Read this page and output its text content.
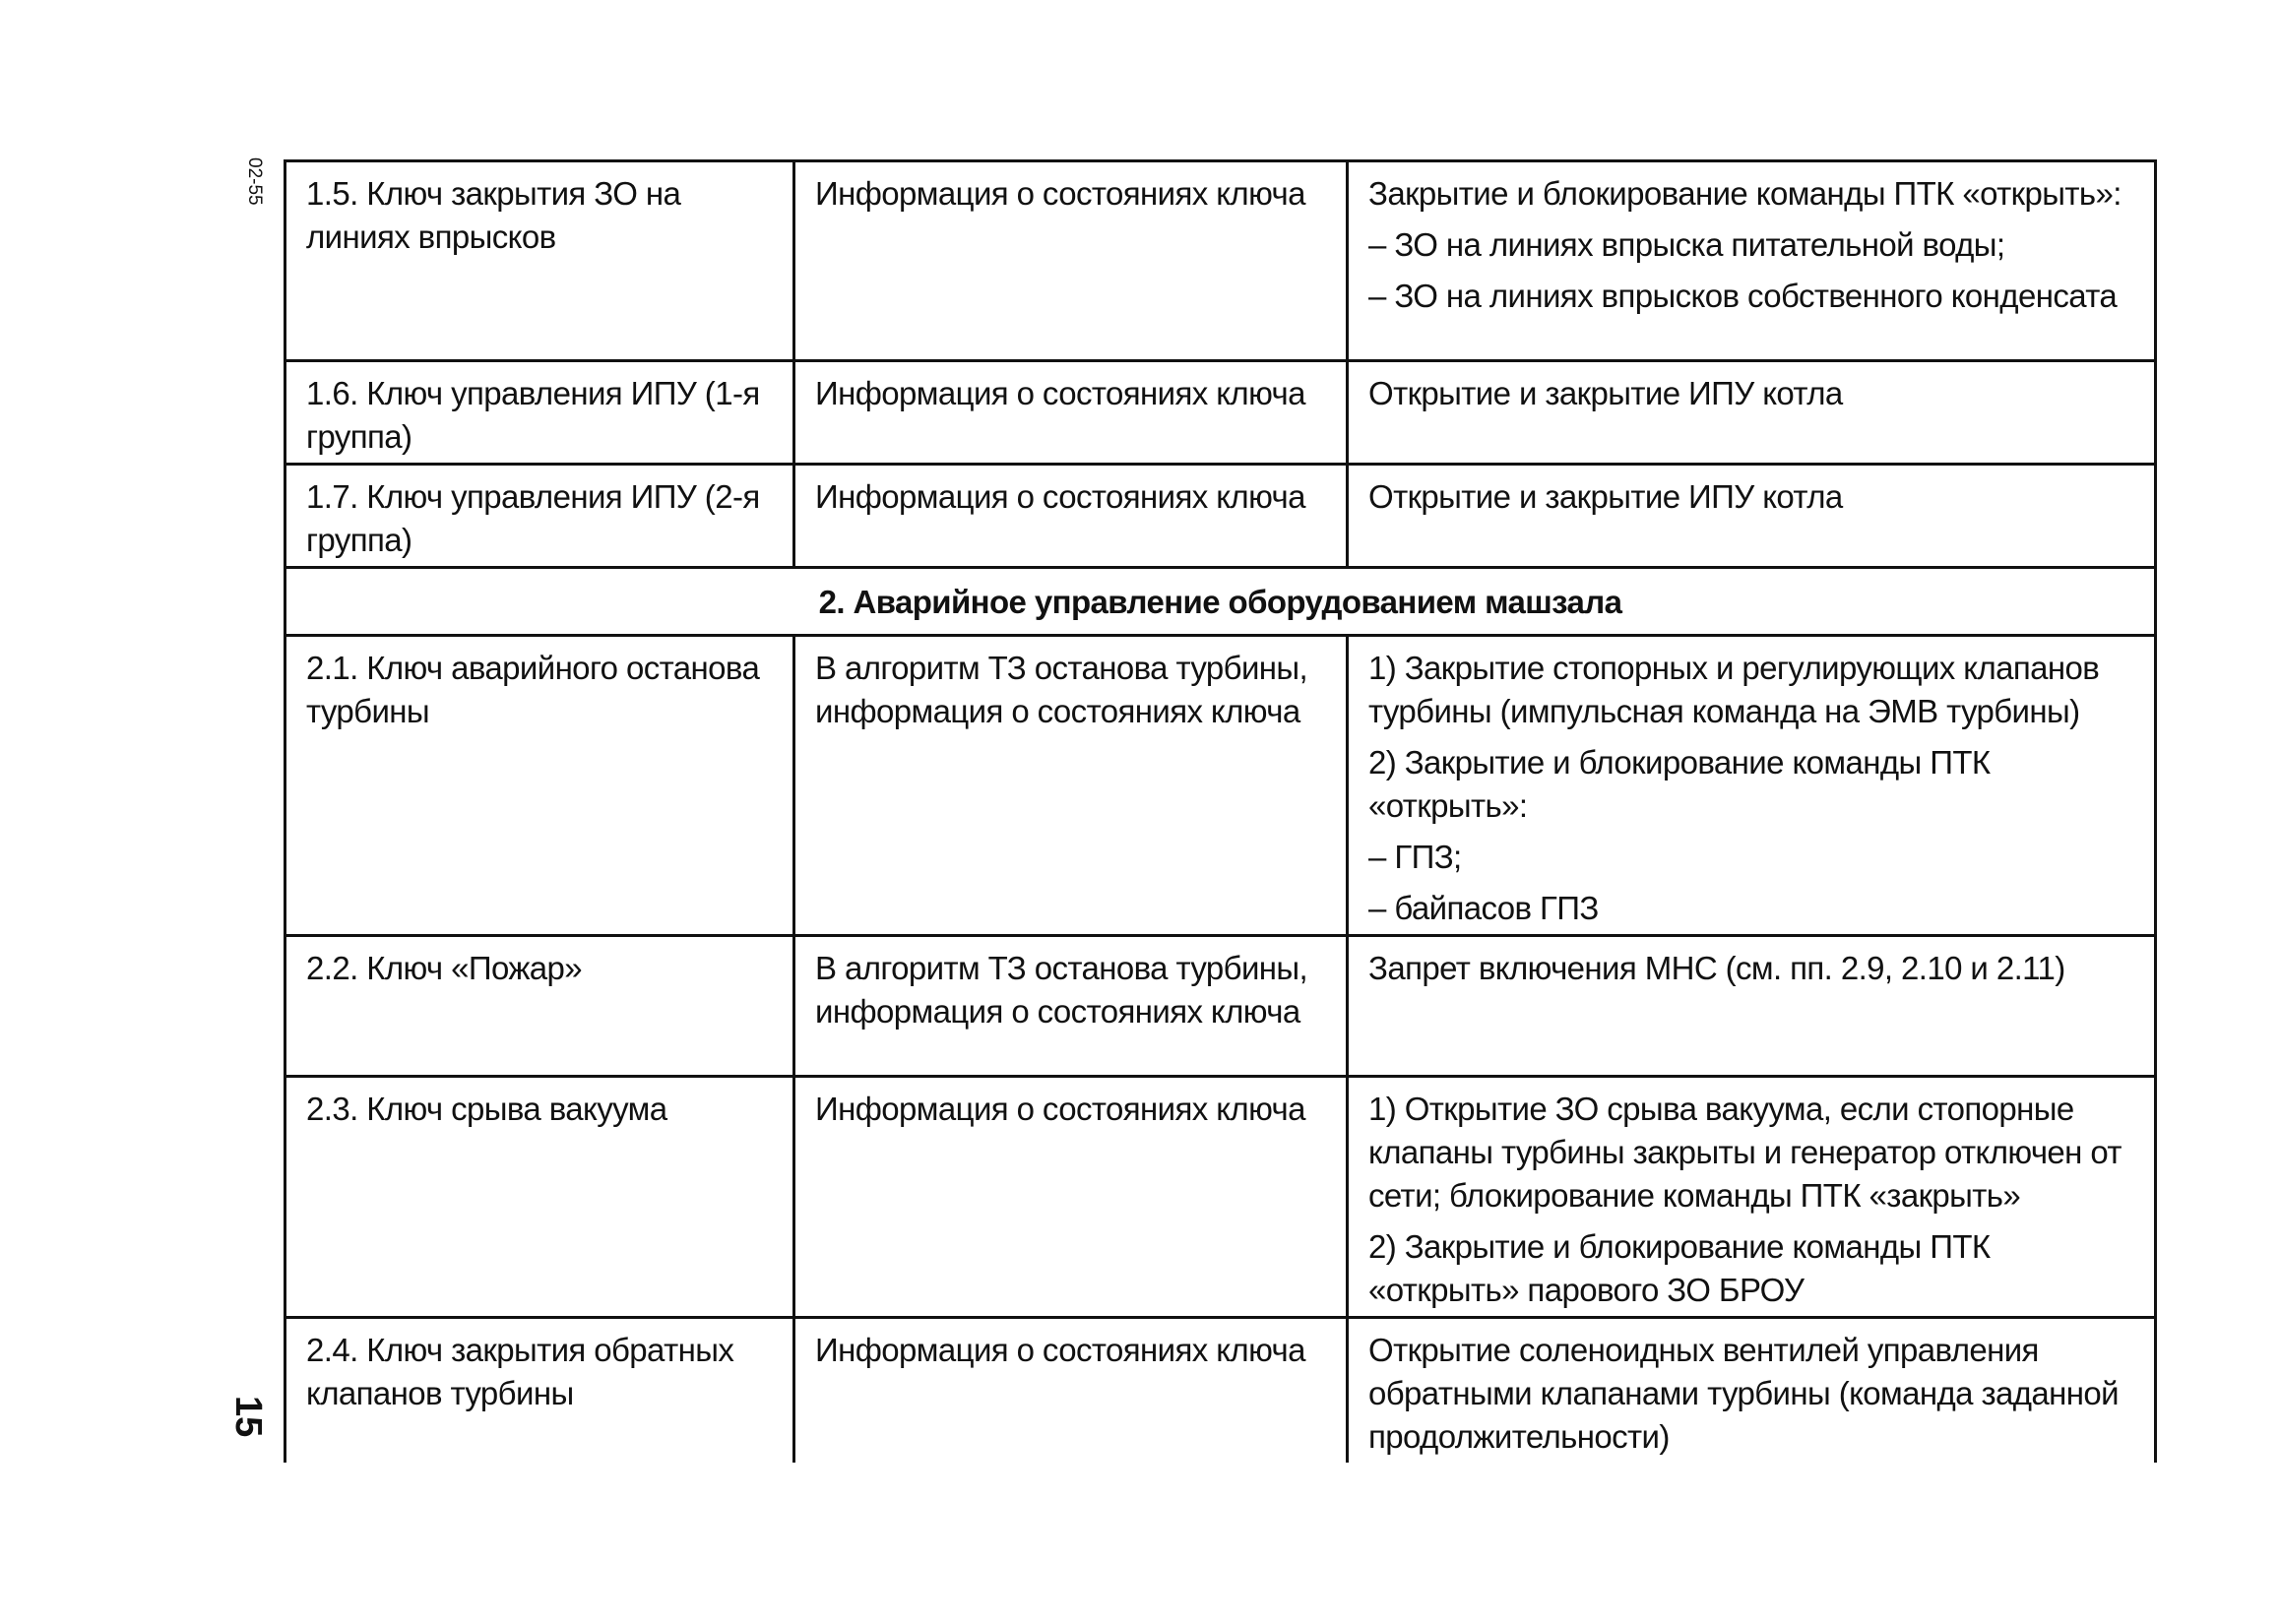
02-55
15
1.5. Ключ закрытия ЗО на линиях впрысков	Информация о состояниях ключа	Закрытие и блокирование команды ПТК «открыть»:
– ЗО на линиях впрыска питательной воды;
– ЗО на линиях впрысков собственного конденсата

1.6. Ключ управления ИПУ (1-я группа)	Информация о состояниях ключа	Открытие и закрытие ИПУ котла

1.7. Ключ управления ИПУ (2-я группа)	Информация о состояниях ключа	Открытие и закрытие ИПУ котла

2. Аварийное управление оборудованием машзала		
2.1. Ключ аварийного останова турбины	В алгоритм ТЗ останова турбины, информация о состояниях ключа	1) Закрытие стопорных и регулирующих клапанов турбины (импульсная команда на ЭМВ турбины)
2) Закрытие и блокирование команды ПТК «открыть»:
– ГПЗ;
– байпасов ГПЗ

2.2. Ключ «Пожар»	В алгоритм ТЗ останова турбины, информация о состояниях ключа	Запрет включения МНС (см. пп. 2.9, 2.10 и 2.11)

2.3. Ключ срыва вакуума	Информация о состояниях ключа	1) Открытие ЗО срыва вакуума, если стопорные клапаны турбины закрыты и генератор отключен от сети; блокирование команды ПТК «закрыть»
2) Закрытие и блокирование команды ПТК «открыть» парового ЗО БРОУ

2.4. Ключ закрытия обратных клапанов турбины	Информация о состояниях ключа	Открытие соленоидных вентилей управления обратными клапанами турбины (команда заданной продолжительности)
